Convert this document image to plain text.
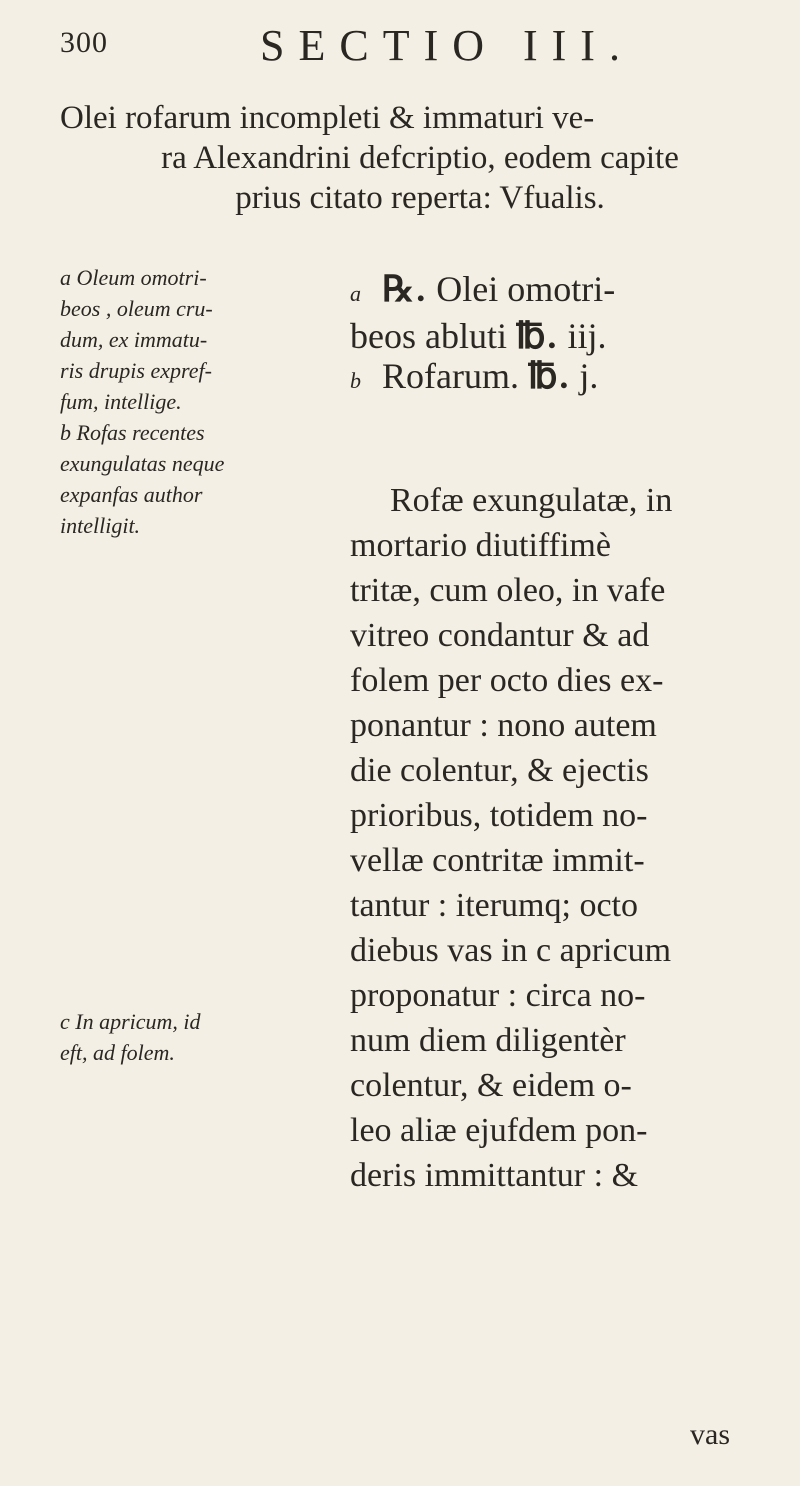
300	SECTIO III.
Olei rofarum incompleti & immaturi ve-
ra Alexandrini defcriptio, eodem capite
prius citato reperta: Vfualis.
a Oleum omotri-
beos , oleum cru-
dum, ex immatu-
ris drupis expref-
fum, intellige.
b Rofas recentes
exungulatas neque
expanfas author
intelligit.
c In apricum, id
eft, ad folem.
a ℞. Olei omotri-
beos abluti ℔. iij.
b Rofarum. ℔. j.
Rofæ exungulatæ, in
mortario diutiffimè
tritæ, cum oleo, in vafe
vitreo condantur & ad
folem per octo dies ex-
ponantur : nono autem
die colentur, & ejectis
prioribus, totidem no-
vellæ contritæ immit-
tantur : iterumq; octo
diebus vas in c apricum
proponatur : circa no-
num diem diligentèr
colentur, & eidem o-
leo aliæ ejufdem pon-
deris immittantur : &
vas
